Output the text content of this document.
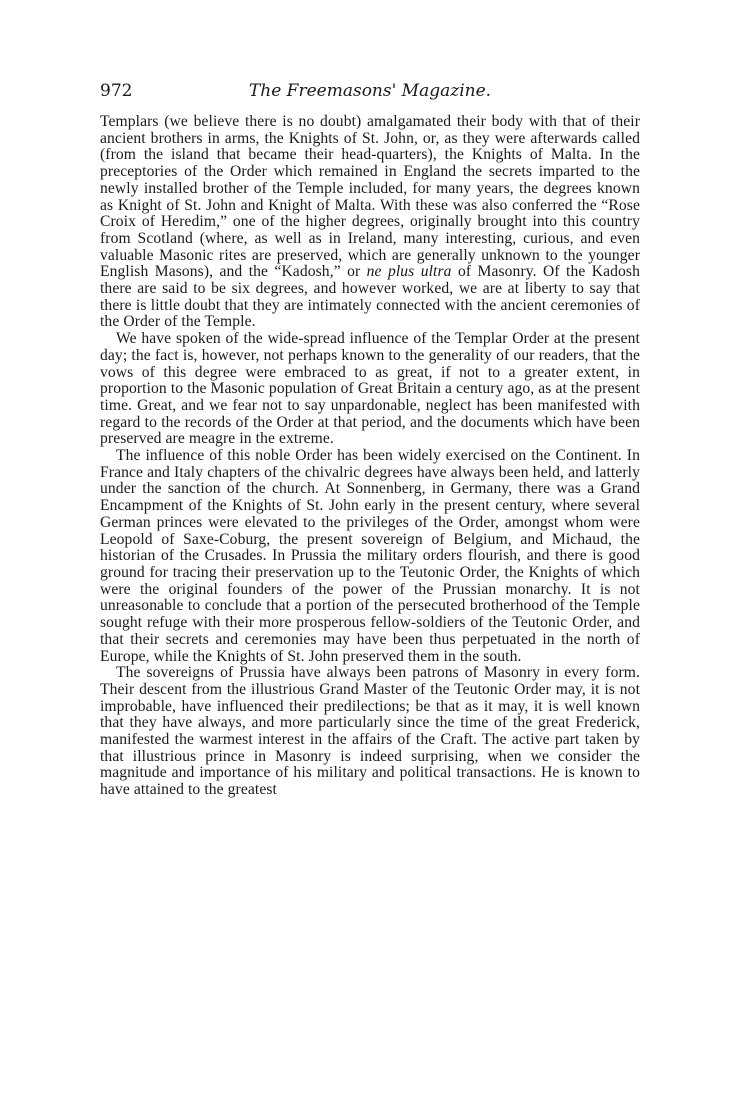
972	The Freemasons' Magazine.

Templars (we believe there is no doubt) amalgamated their body with that of their ancient brothers in arms, the Knights of St. John, or, as they were afterwards called (from the island that became their head-quarters), the Knights of Malta. In the preceptories of the Order which remained in England the secrets imparted to the newly installed brother of the Temple included, for many years, the degrees known as Knight of St. John and Knight of Malta. With these was also conferred the “Rose Croix of Heredim,” one of the higher degrees, originally brought into this country from Scotland (where, as well as in Ireland, many interesting, curious, and even valuable Masonic rites are preserved, which are generally unknown to the younger English Masons), and the “Kadosh,” or ne plus ultra of Masonry. Of the Kadosh there are said to be six degrees, and however worked, we are at liberty to say that there is little doubt that they are intimately connected with the ancient ceremonies of the Order of the Temple.

We have spoken of the wide-spread influence of the Templar Order at the present day; the fact is, however, not perhaps known to the generality of our readers, that the vows of this degree were embraced to as great, if not to a greater extent, in proportion to the Masonic population of Great Britain a century ago, as at the present time. Great, and we fear not to say unpardonable, neglect has been manifested with regard to the records of the Order at that period, and the documents which have been preserved are meagre in the extreme.

The influence of this noble Order has been widely exercised on the Continent. In France and Italy chapters of the chivalric degrees have always been held, and latterly under the sanction of the church. At Sonnenberg, in Germany, there was a Grand Encampment of the Knights of St. John early in the present century, where several German princes were elevated to the privileges of the Order, amongst whom were Leopold of Saxe-Coburg, the present sovereign of Belgium, and Michaud, the historian of the Crusades. In Prussia the military orders flourish, and there is good ground for tracing their preservation up to the Teutonic Order, the Knights of which were the original founders of the power of the Prussian monarchy. It is not unreasonable to conclude that a portion of the persecuted brotherhood of the Temple sought refuge with their more prosperous fellow-soldiers of the Teutonic Order, and that their secrets and ceremonies may have been thus perpetuated in the north of Europe, while the Knights of St. John preserved them in the south.

The sovereigns of Prussia have always been patrons of Masonry in every form. Their descent from the illustrious Grand Master of the Teutonic Order may, it is not improbable, have influenced their predilections; be that as it may, it is well known that they have always, and more particularly since the time of the great Frederick, manifested the warmest interest in the affairs of the Craft. The active part taken by that illustrious prince in Masonry is indeed surprising, when we consider the magnitude and importance of his military and political transactions. He is known to have attained to the greatest
